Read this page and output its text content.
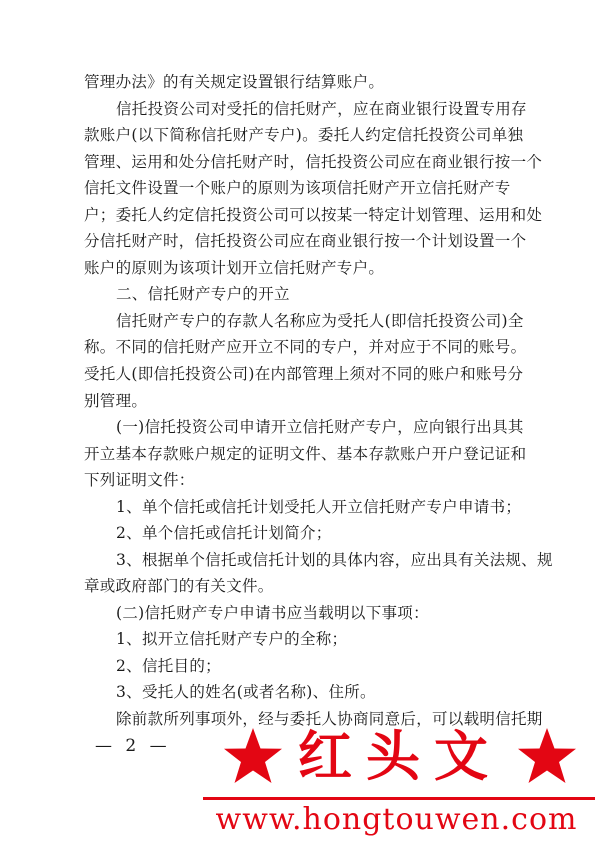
管理办法》的有关规定设置银行结算账户。
信托投资公司对受托的信托财产，应在商业银行设置专用存
款账户(以下简称信托财产专户)。委托人约定信托投资公司单独
管理、运用和处分信托财产时，信托投资公司应在商业银行按一个
信托文件设置一个账户的原则为该项信托财产开立信托财产专
户；委托人约定信托投资公司可以按某一特定计划管理、运用和处
分信托财产时，信托投资公司应在商业银行按一个计划设置一个
账户的原则为该项计划开立信托财产专户。
二、信托财产专户的开立
信托财产专户的存款人名称应为受托人(即信托投资公司)全
称。不同的信托财产应开立不同的专户，并对应于不同的账号。
受托人(即信托投资公司)在内部管理上须对不同的账户和账号分
别管理。
(一)信托投资公司申请开立信托财产专户，应向银行出具其
开立基本存款账户规定的证明文件、基本存款账户开户登记证和
下列证明文件：
1、单个信托或信托计划受托人开立信托财产专户申请书；
2、单个信托或信托计划简介；
3、根据单个信托或信托计划的具体内容，应出具有关法规、规
章或政府部门的有关文件。
(二)信托财产专户申请书应当载明以下事项：
1、拟开立信托财产专户的全称；
2、信托目的；
3、受托人的姓名(或者名称)、住所。
除前款所列事项外，经与委托人协商同意后，可以载明信托期
— 2 — 红头文
www.hongtouwen.com
